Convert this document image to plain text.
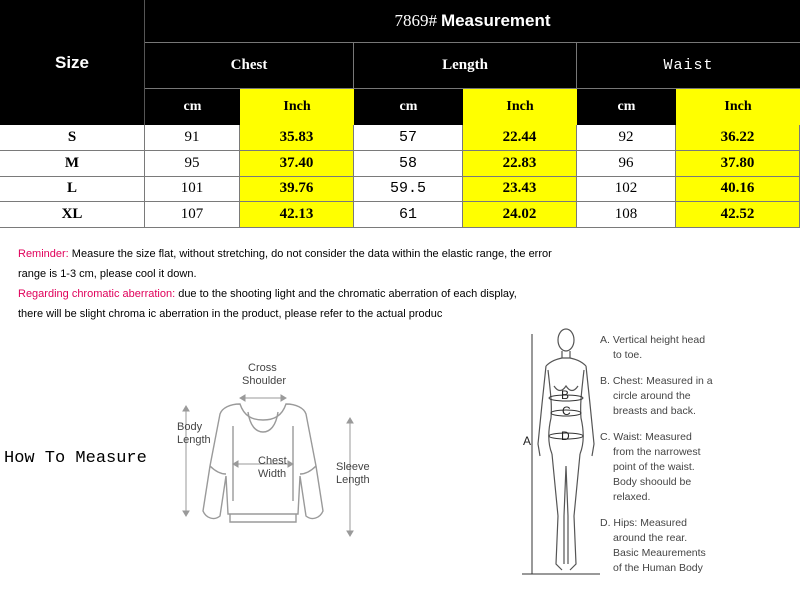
Size
7869# Measurement
Chest	Length	Waist
cm	Inch	cm	Inch	cm	Inch
S	91	35.83	57	22.44	92	36.22
M	95	37.40	58	22.83	96	37.80
L	101	39.76	59.5	23.43	102	40.16
XL	107	42.13	61	24.02	108	42.52
Reminder: Measure the size flat, without stretching, do not consider the data within the elastic range, the error
range is 1-3 cm, please cool it down.
Regarding chromatic aberration: due to the shooting light and the chromatic aberration of each display,
there will be slight chroma ic aberration in the product, please refer to the actual produc
How To Measure
Cross
Shoulder
Body
Length
Chest
Width
Sleeve
Length
A
B
C
D
A. Vertical height head
to toe.
B. Chest: Measured in a
circle around the
breasts and back.
C. Waist: Measured
from the narrowest
point of the waist.
Body shoould be
relaxed.
D. Hips: Measured
around the rear.
Basic Meaurements
of the Human Body
